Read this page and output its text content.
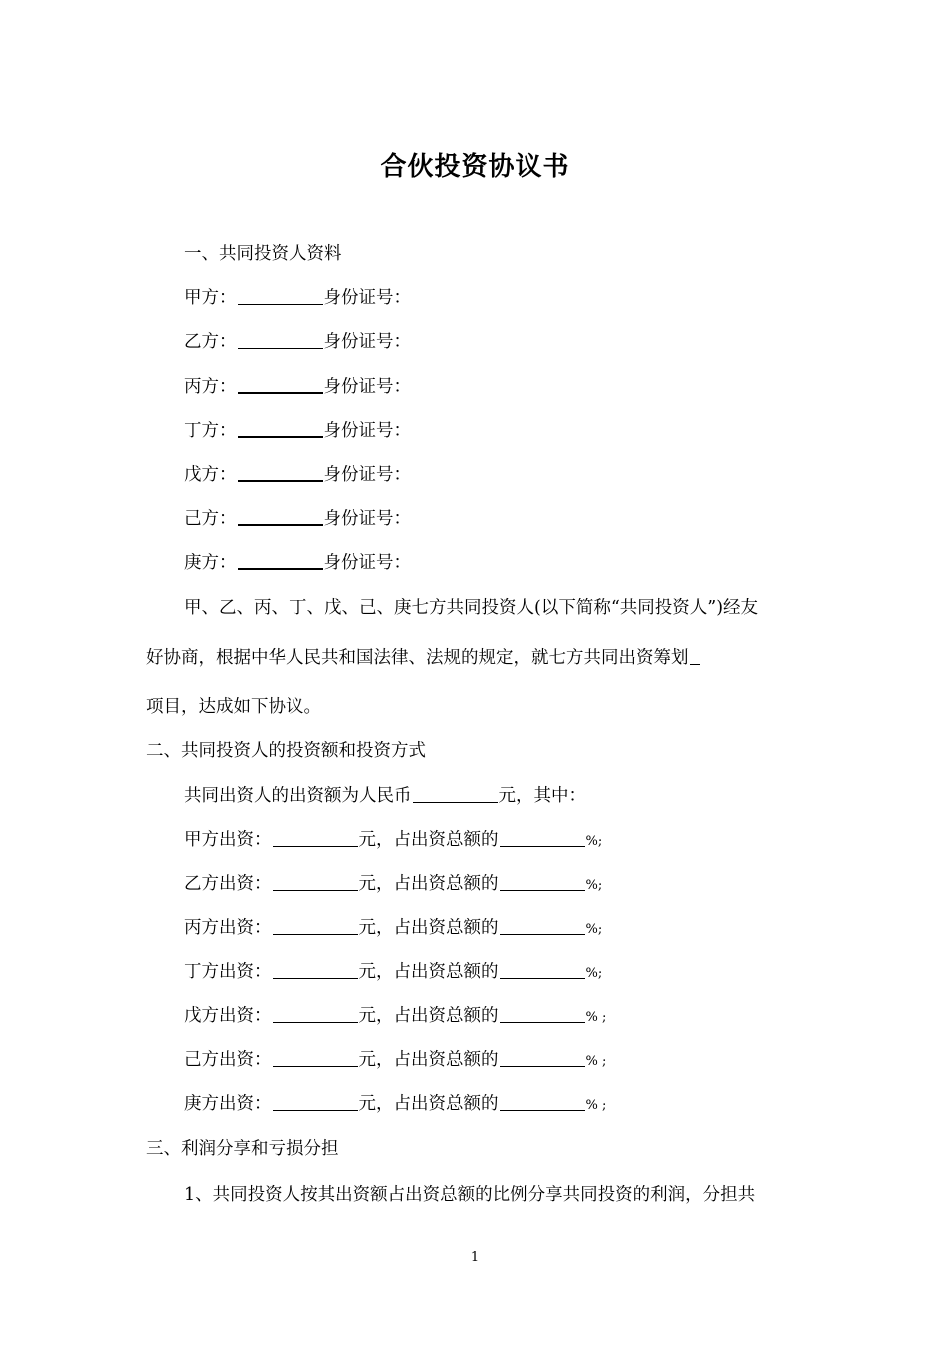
合伙投资协议书
一、共同投资人资料
甲方：	身份证号：
乙方：	身份证号：
丙方：	身份证号：
丁方：	身份证号：
戊方：	身份证号：
己方：	身份证号：
庚方：	身份证号：
甲、乙、丙、丁、戊、己、庚七方共同投资人(以下简称“共同投资人”)经友
好协商，根据中华人民共和国法律、法规的规定，就七方共同出资筹划
项目，达成如下协议。
二、共同投资人的投资额和投资方式
共同出资人的出资额为人民币	元，其中：
甲方出资：	元，占出资总额的	%;
乙方出资：	元，占出资总额的	%;
丙方出资：	元，占出资总额的	%;
丁方出资：	元，占出资总额的	%;
戊方出资：	元，占出资总额的	% ;
己方出资：	元，占出资总额的	% ;
庚方出资：	元，占出资总额的	% ;
三、利润分享和亏损分担
1、共同投资人按其出资额占出资总额的比例分享共同投资的利润，分担共
1
